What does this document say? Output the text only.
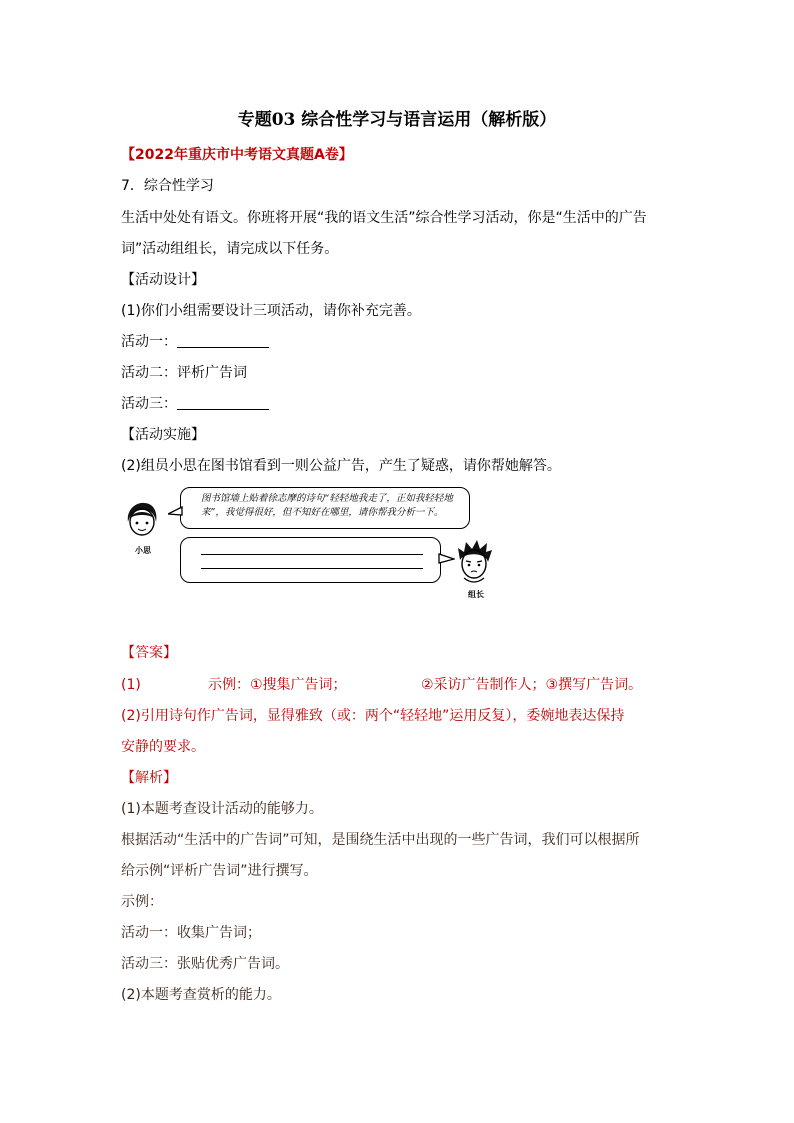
专题03 综合性学习与语言运用（解析版）
【2022年重庆市中考语文真题A卷】
7．综合性学习
生活中处处有语文。你班将开展“我的语文生活”综合性学习活动，你是“生活中的广告
词”活动组组长，请完成以下任务。
【活动设计】
(1)你们小组需要设计三项活动，请你补充完善。
活动一：
活动二：评析广告词
活动三：
【活动实施】
(2)组员小思在图书馆看到一则公益广告，产生了疑惑，请你帮她解答。
图书馆墙上贴着徐志摩的诗句“轻轻地我走了，正如我轻轻地来”，我觉得很好，但不知好在哪里，请你帮我分析一下。
小思
组长
【答案】
(1)	示例：①搜集广告词；	②采访广告制作人；③撰写广告词。
(2)引用诗句作广告词，显得雅致（或：两个“轻轻地”运用反复），委婉地表达保持
安静的要求。
【解析】
(1)本题考查设计活动的能够力。
根据活动“生活中的广告词”可知，是围绕生活中出现的一些广告词，我们可以根据所
给示例“评析广告词”进行撰写。
示例：
活动一：收集广告词；
活动三：张贴优秀广告词。
(2)本题考查赏析的能力。
